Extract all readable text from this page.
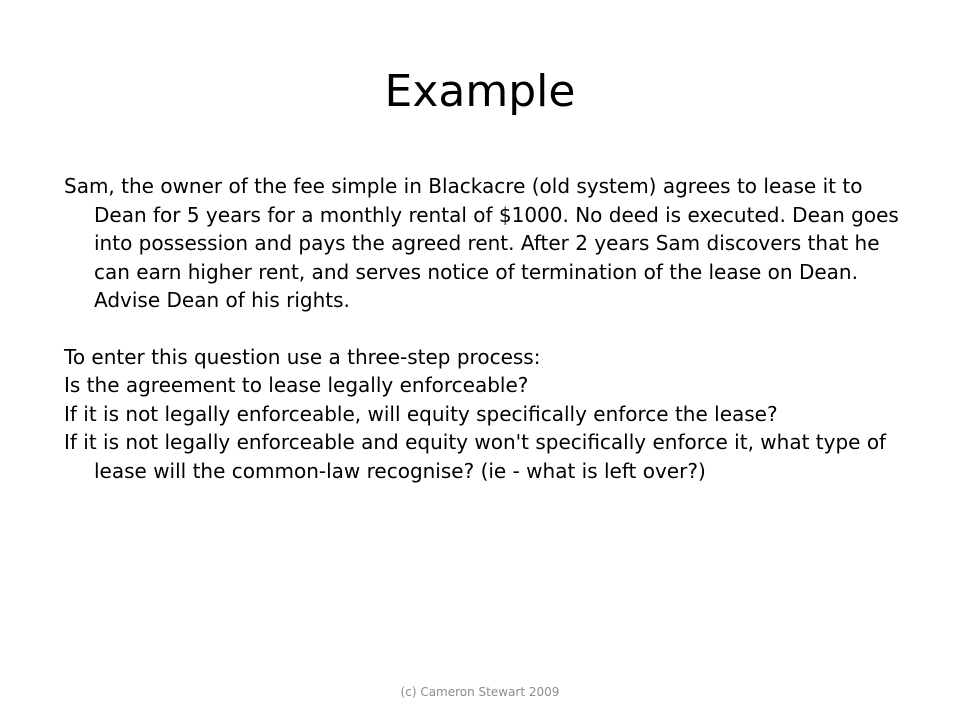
Example

Sam, the owner of the fee simple in Blackacre (old system) agrees to lease it to Dean for 5 years for a monthly rental of $1000. No deed is executed. Dean goes into possession and pays the agreed rent. After 2 years Sam discovers that he can earn higher rent, and serves notice of termination of the lease on Dean. Advise Dean of his rights.

To enter this question use a three-step process:

Is the agreement to lease legally enforceable?

If it is not legally enforceable, will equity specifically enforce the lease?

If it is not legally enforceable and equity won't specifically enforce it, what type of lease will the common-law recognise? (ie - what is left over?)

(c) Cameron Stewart 2009
